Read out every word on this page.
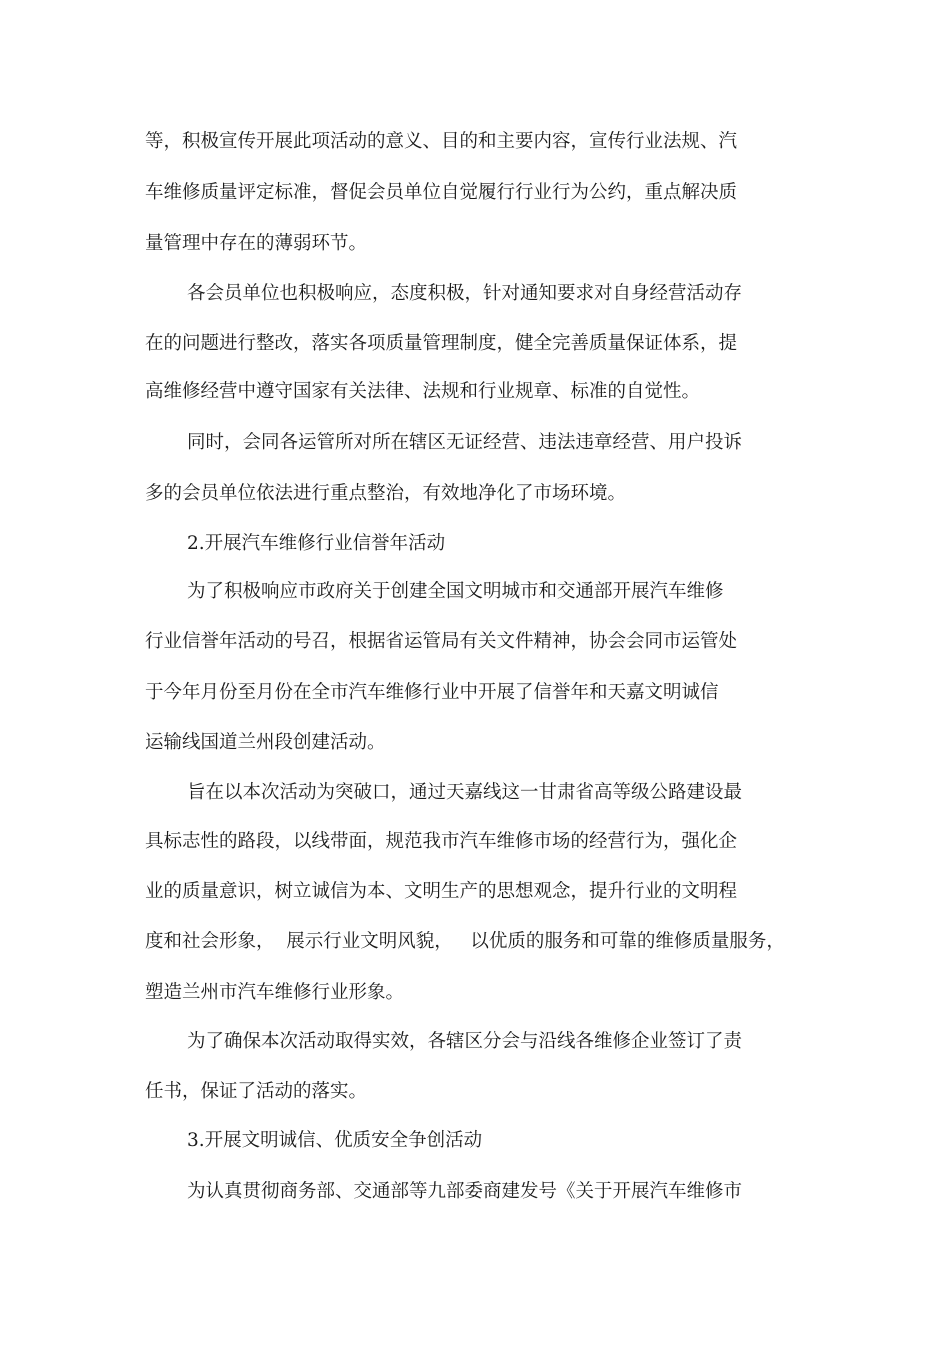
等，积极宣传开展此项活动的意义、目的和主要内容，宣传行业法规、汽

车维修质量评定标准，督促会员单位自觉履行行业行为公约，重点解决质

量管理中存在的薄弱环节。

各会员单位也积极响应，态度积极，针对通知要求对自身经营活动存

在的问题进行整改，落实各项质量管理制度，健全完善质量保证体系，提

高维修经营中遵守国家有关法律、法规和行业规章、标准的自觉性。

同时，会同各运管所对所在辖区无证经营、违法违章经营、用户投诉

多的会员单位依法进行重点整治，有效地净化了市场环境。

2.开展汽车维修行业信誉年活动

为了积极响应市政府关于创建全国文明城市和交通部开展汽车维修

行业信誉年活动的号召，根据省运管局有关文件精神，协会会同市运管处

于今年月份至月份在全市汽车维修行业中开展了信誉年和天嘉文明诚信

运输线国道兰州段创建活动。

旨在以本次活动为突破口，通过天嘉线这一甘肃省高等级公路建设最

具标志性的路段，以线带面，规范我市汽车维修市场的经营行为，强化企

业的质量意识，树立诚信为本、文明生产的思想观念，提升行业的文明程

度和社会形象，  展示行业文明风貌，   以优质的服务和可靠的维修质量服务，

塑造兰州市汽车维修行业形象。

为了确保本次活动取得实效，各辖区分会与沿线各维修企业签订了责

任书，保证了活动的落实。

3.开展文明诚信、优质安全争创活动

为认真贯彻商务部、交通部等九部委商建发号《关于开展汽车维修市
